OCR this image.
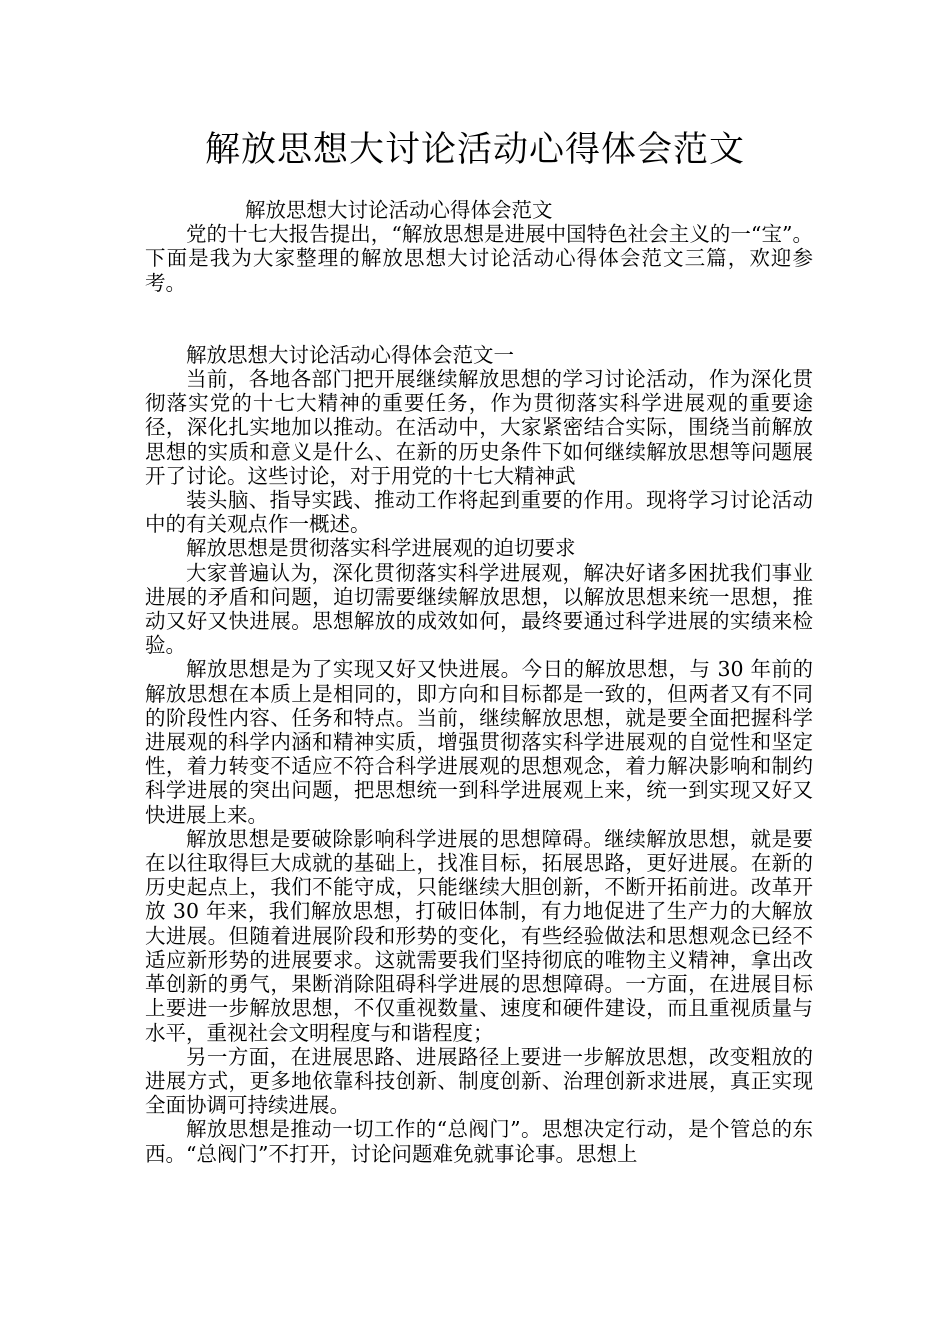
解放思想大讨论活动心得体会范文

解放思想大讨论活动心得体会范文

党的十七大报告提出，“解放思想是进展中国特色社会主义的一“宝”。下面是我为大家整理的解放思想大讨论活动心得体会范文三篇，欢迎参考。

解放思想大讨论活动心得体会范文一

当前，各地各部门把开展继续解放思想的学习讨论活动，作为深化贯彻落实党的十七大精神的重要任务，作为贯彻落实科学进展观的重要途径，深化扎实地加以推动。在活动中，大家紧密结合实际，围绕当前解放思想的实质和意义是什么、在新的历史条件下如何继续解放思想等问题展开了讨论。这些讨论，对于用党的十七大精神武

装头脑、指导实践、推动工作将起到重要的作用。现将学习讨论活动中的有关观点作一概述。

解放思想是贯彻落实科学进展观的迫切要求

大家普遍认为，深化贯彻落实科学进展观，解决好诸多困扰我们事业进展的矛盾和问题，迫切需要继续解放思想，以解放思想来统一思想，推动又好又快进展。思想解放的成效如何，最终要通过科学进展的实绩来检验。

解放思想是为了实现又好又快进展。今日的解放思想，与 30 年前的解放思想在本质上是相同的，即方向和目标都是一致的，但两者又有不同的阶段性内容、任务和特点。当前，继续解放思想，就是要全面把握科学进展观的科学内涵和精神实质，增强贯彻落实科学进展观的自觉性和坚定性，着力转变不适应不符合科学进展观的思想观念，着力解决影响和制约科学进展的突出问题，把思想统一到科学进展观上来，统一到实现又好又快进展上来。

解放思想是要破除影响科学进展的思想障碍。继续解放思想，就是要在以往取得巨大成就的基础上，找准目标，拓展思路，更好进展。在新的历史起点上，我们不能守成，只能继续大胆创新，不断开拓前进。改革开放 30 年来，我们解放思想，打破旧体制，有力地促进了生产力的大解放大进展。但随着进展阶段和形势的变化，有些经验做法和思想观念已经不适应新形势的进展要求。这就需要我们坚持彻底的唯物主义精神，拿出改革创新的勇气，果断消除阻碍科学进展的思想障碍。一方面，在进展目标上要进一步解放思想，不仅重视数量、速度和硬件建设，而且重视质量与水平，重视社会文明程度与和谐程度；

另一方面，在进展思路、进展路径上要进一步解放思想，改变粗放的进展方式，更多地依靠科技创新、制度创新、治理创新求进展，真正实现全面协调可持续进展。

解放思想是推动一切工作的“总阀门”。思想决定行动，是个管总的东西。“总阀门”不打开，讨论问题难免就事论事。思想上
